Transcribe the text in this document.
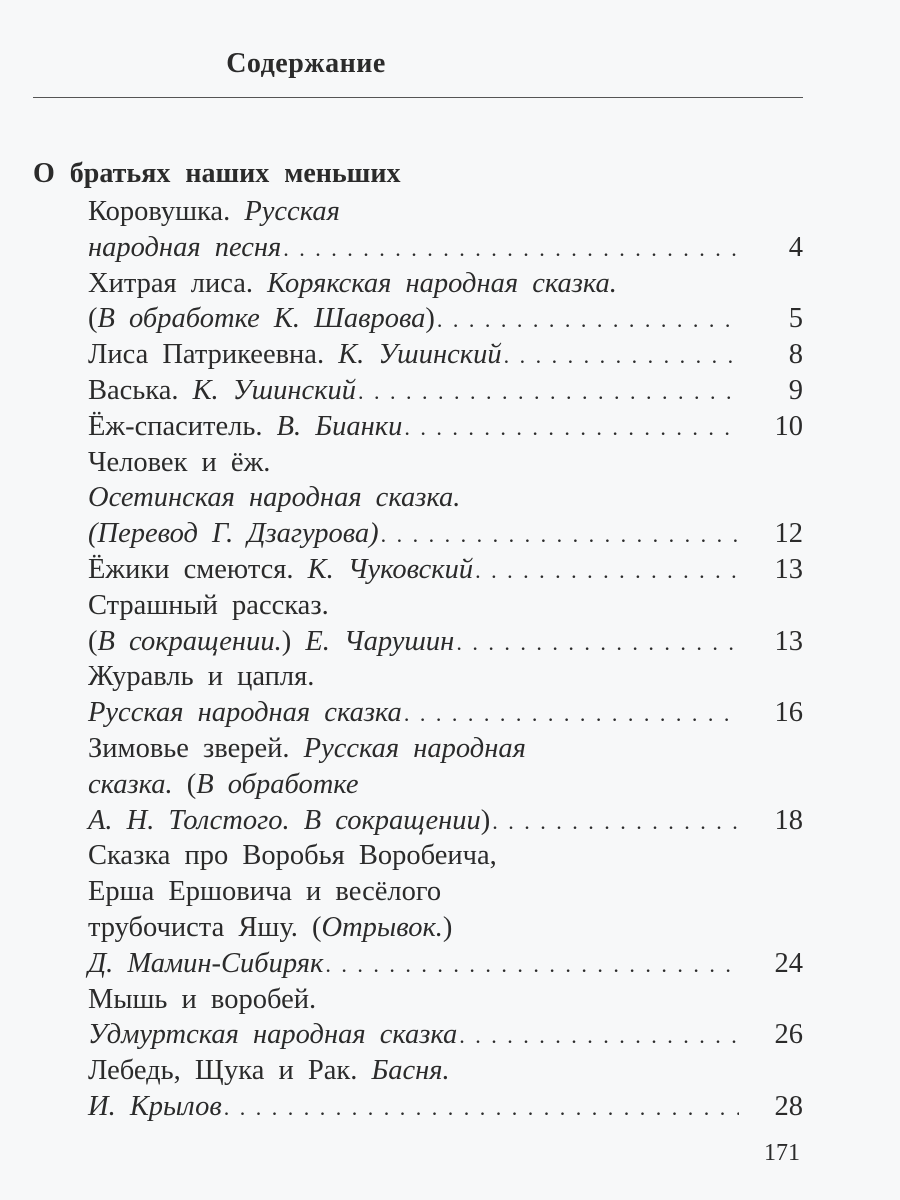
Содержание
О братьях наших меньших
Коровушка. Русская
народная песня . . .	4
Хитрая лиса. Корякская народная сказка.
(В обработке К. Шаврова) . . .	5
Лиса Патрикеевна. К. Ушинский . . .	8
Васька. К. Ушинский . . .	9
Ёж-спаситель. В. Бианки . . .	10
Человек и ёж.
Осетинская народная сказка.
(Перевод Г. Дзагурова) . . .	12
Ёжики смеются. К. Чуковский . . .	13
Страшный рассказ.
(В сокращении.) Е. Чарушин . . .	13
Журавль и цапля.
Русская народная сказка . . .	16
Зимовье зверей. Русская народная
сказка. (В обработке
А. Н. Толстого. В сокращении) . . .	18
Сказка про Воробья Воробеича,
Ерша Ершовича и весёлого
трубочиста Яшу. (Отрывок.)
Д. Мамин-Сибиряк . . .	24
Мышь и воробей.
Удмуртская народная сказка . . .	26
Лебедь, Щука и Рак. Басня.
И. Крылов . . .	28
171
